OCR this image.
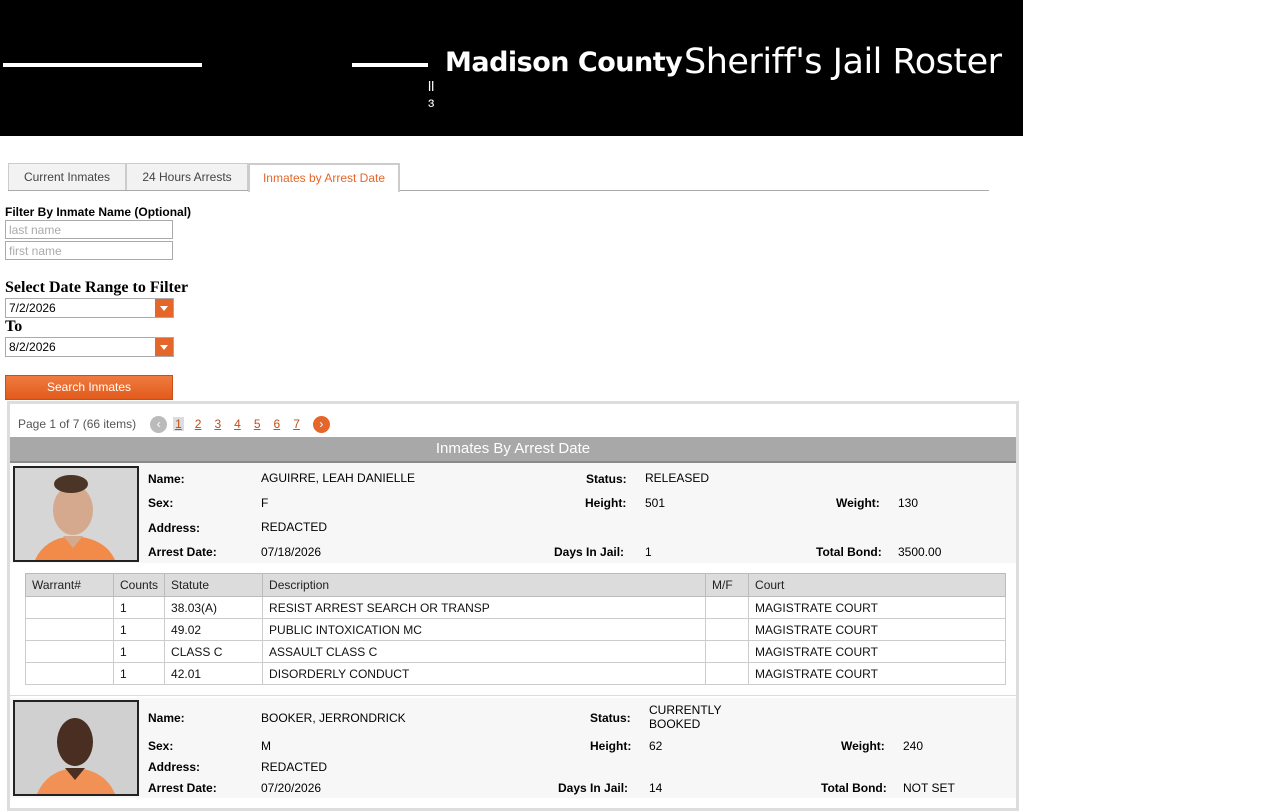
ll
ɜ
Madison County Sheriff's Jail Roster
Current Inmates	24 Hours Arrests	Inmates by Arrest Date
Filter By Inmate Name (Optional)
last name
first name
Select Date Range to Filter
7/2/2026
To
8/2/2026
Search Inmates
Page 1 of 7 (66 items)	‹	1 2 3 4 5 6 7	›
Inmates By Arrest Date
Name:	AGUIRRE, LEAH DANIELLE	Status: RELEASED
Sex:	F	Height: 501	Weight: 130
Address:	REDACTED
Arrest Date:	07/18/2026	Days In Jail: 1	Total Bond: 3500.00
Warrant#	Counts	Statute	Description	M/F	Court
	1	38.03(A)	RESIST ARREST SEARCH OR TRANSP		MAGISTRATE COURT
	1	49.02	PUBLIC INTOXICATION MC		MAGISTRATE COURT
	1	CLASS C	ASSAULT CLASS C		MAGISTRATE COURT
	1	42.01	DISORDERLY CONDUCT		MAGISTRATE COURT
Name:	BOOKER, JERRONDRICK	Status:
CURRENTLY BOOKED
Sex:	M	Height: 62	Weight: 240
Address:	REDACTED
Arrest Date:	07/20/2026	Days In Jail: 14	Total Bond: NOT SET
